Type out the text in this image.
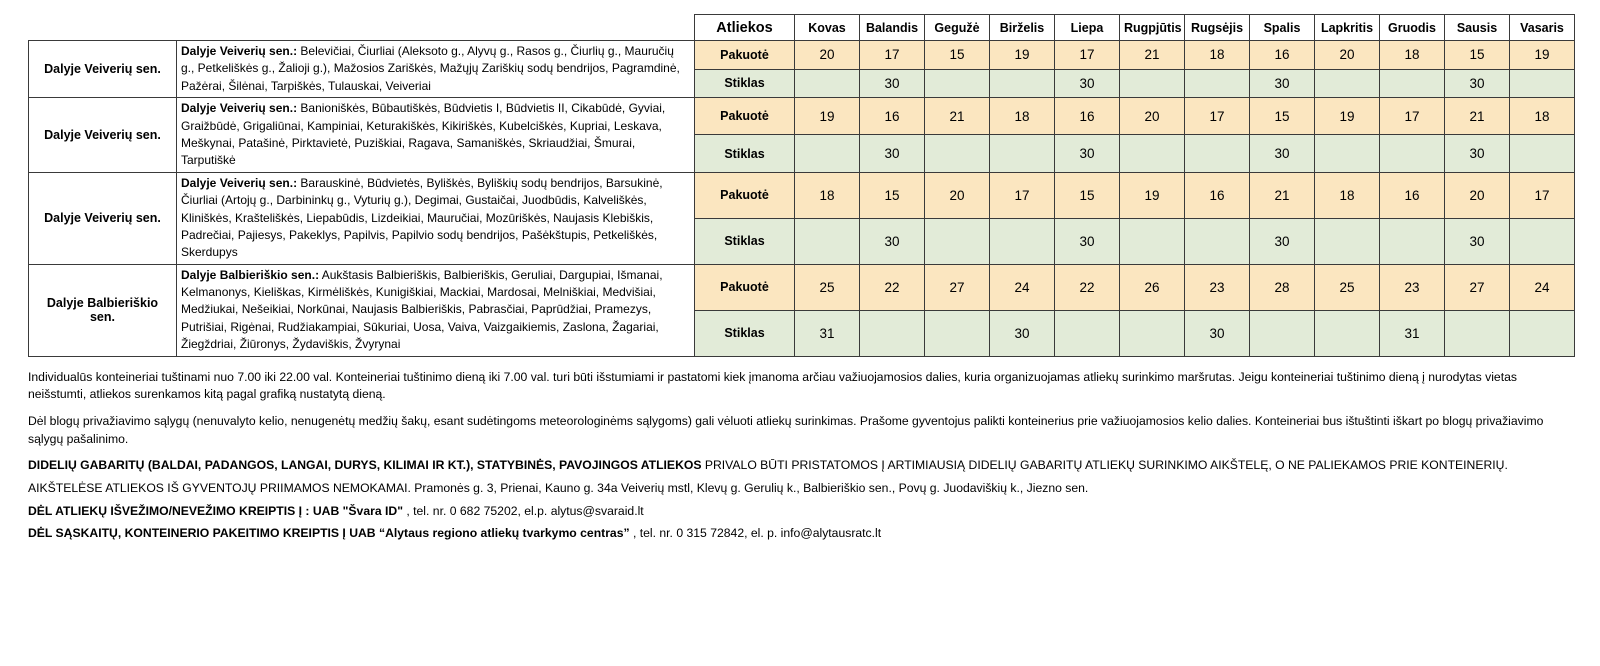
		Atliekos	Kovas	Balandis	Gegužė	Birželis	Liepa	Rugpjūtis	Rugsėjis	Spalis	Lapkritis	Gruodis	Sausis	Vasaris
Dalyje Veiverių sen.	Dalyje Veiverių sen.: Belevičiai, Čiurliai (Aleksoto g., Alyvų g., Rasos g., Čiurlių g., Mauručių g., Petkeliškės g., Žalioji g.), Mažosios Zariškės, Mažųjų Zariškių sodų bendrijos, Pagramdinė, Pažėrai, Šilėnai, Tarpiškės, Tulauskai, Veiveriai	Pakuotė	20	17	15	19	17	21	18	16	20	18	15	19
		Stiklas		30			30			30			30	
Dalyje Veiverių sen.	Dalyje Veiverių sen.: Banioniškės, Būbautiškės, Būdvietis I, Būdvietis II, Cikabūdė, Gyviai, Graižbūdė, Grigaliūnai, Kampiniai, Keturakiškės, Kikiriškės, Kubelciškės, Kupriai, Leskava, Meškynai, Patašinė, Pirktavietė, Puziškiai, Ragava, Samaniškės, Skriaudžiai, Šmurai, Tarputiškė	Pakuotė	19	16	21	18	16	20	17	15	19	17	21	18
		Stiklas		30			30			30			30	
Dalyje Veiverių sen.	Dalyje Veiverių sen.: Barauskinė, Būdvietės, Byliškės, Byliškių sodų bendrijos, Barsukinė, Čiurliai (Artojų g., Darbininkų g., Vyturių g.), Degimai, Gustaičai, Juodbūdis, Kalveliškės, Kliniškės, Krašteliškės, Liepabūdis, Lizdeikiai, Mauručiai, Mozūriškės, Naujasis Klebiškis, Padrečiai, Pajiesys, Pakeklys, Papilvis, Papilvio sodų bendrijos, Pašėkštupis, Petkeliškės, Skerdupys	Pakuotė	18	15	20	17	15	19	16	21	18	16	20	17
		Stiklas		30			30			30			30	
Dalyje Balbieriškio sen.	Dalyje Balbieriškio sen.: Aukštasis Balbieriškis, Balbieriškis, Geruliai, Dargupiai, Išmanai, Kelmanonys, Kieliškas, Kirmėliškės, Kunigiškiai, Mackiai, Mardosai, Melniškiai, Medvišiai, Medžiukai, Nešeikiai, Norkūnai, Naujasis Balbieriškis, Pabrasčiai, Paprūdžiai, Pramezys, Putrišiai, Rigėnai, Rudžiakampiai, Sūkuriai, Uosa, Vaiva, Vaizgaikiemis, Zaslona, Žagariai, Žiegždriai, Žiūronys, Žydaviškis, Žvyrynai	Pakuotė	25	22	27	24	22	26	23	28	25	23	27	24
		Stiklas	31			30			30			31		

Individualūs konteineriai tuštinami nuo 7.00 iki 22.00 val. Konteineriai tuštinimo dieną iki 7.00 val. turi būti išstumiami ir pastatomi kiek įmanoma arčiau važiuojamosios dalies, kuria organizuojamas atliekų surinkimo maršrutas. Jeigu konteineriai tuštinimo dieną į nurodytas vietas neišstumti, atliekos surenkamos kitą pagal grafiką nustatytą dieną.

Dėl blogų privažiavimo sąlygų (nenuvalyto kelio, nenugenėtų medžių šakų, esant sudėtingoms meteorologinėms sąlygoms) gali vėluoti atliekų surinkimas. Prašome gyventojus palikti konteinerius prie važiuojamosios kelio dalies. Konteineriai bus ištuštinti iškart po blogų privažiavimo sąlygų pašalinimo.

DIDELIŲ GABARITŲ (BALDAI, PADANGOS, LANGAI, DURYS, KILIMAI IR KT.), STATYBINĖS, PAVOJINGOS ATLIEKOS PRIVALO BŪTI PRISTATOMOS Į ARTIMIAUSIĄ DIDELIŲ GABARITŲ ATLIEKŲ SURINKIMO AIKŠTELĘ, O NE PALIEKAMOS PRIE KONTEINERIŲ.

AIKŠTELĖSE ATLIEKOS IŠ GYVENTOJŲ PRIIMAMOS NEMOKAMAI. Pramonės g. 3, Prienai, Kauno g. 34a Veiverių mstl, Klevų g. Gerulių k., Balbieriškio sen., Povų g. Juodaviškių k., Jiezno sen.

DĖL ATLIEKŲ IŠVEŽIMO/NEVEŽIMO KREIPTIS Į : UAB "Švara ID" , tel. nr. 0 682 75202, el.p. alytus@svaraid.lt

DĖL SĄSKAITŲ, KONTEINERIO PAKEITIMO KREIPTIS Į UAB “Alytaus regiono atliekų tvarkymo centras” , tel. nr. 0 315 72842, el. p. info@alytausratc.lt
